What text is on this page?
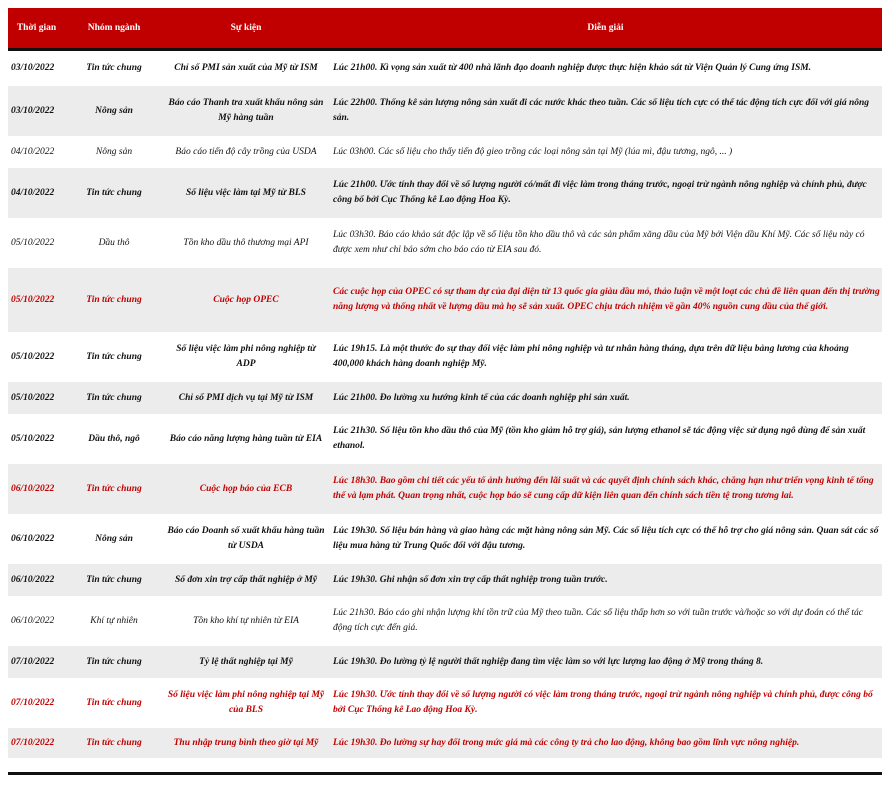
Thời gian	Nhóm ngành	Sự kiện	Diễn giải
03/10/2022	Tin tức chung	Chỉ số PMI sản xuất của Mỹ từ ISM	Lúc 21h00. Kì vọng sản xuất từ 400 nhà lãnh đạo doanh nghiệp được thực hiện khảo sát từ Viện Quản lý Cung ứng ISM.
03/10/2022	Nông sản	Báo cáo Thanh tra xuất khẩu nông sản Mỹ hàng tuần	Lúc 22h00. Thống kê sản lượng nông sản xuất đi các nước khác theo tuần. Các số liệu tích cực có thể tác động tích cực đối với giá nông sản.
04/10/2022	Nông sản	Báo cáo tiến độ cây trồng của USDA	Lúc 03h00. Các số liệu cho thấy tiến độ gieo trồng các loại nông sản tại Mỹ (lúa mì, đậu tương, ngô, ... )
04/10/2022	Tin tức chung	Số liệu việc làm tại Mỹ từ BLS	Lúc 21h00. Ước tính thay đổi về số lượng người có/mất đi việc làm trong tháng trước, ngoại trừ ngành nông nghiệp và chính phủ, được công bố bởi Cục Thống kê Lao động Hoa Kỳ.
05/10/2022	Dầu thô	Tồn kho dầu thô thương mại API	Lúc 03h30. Báo cáo khảo sát độc lập về số liệu tồn kho dầu thô và các sản phẩm xăng dầu của Mỹ bởi Viện dầu Khí Mỹ. Các số liệu này có được xem như chỉ báo sớm cho báo cáo từ EIA sau đó.
05/10/2022	Tin tức chung	Cuộc họp OPEC	Các cuộc họp của OPEC có sự tham dự của đại diện từ 13 quốc gia giàu dầu mỏ, thảo luận về một loạt các chủ đề liên quan đến thị trường năng lượng và thống nhất về lượng dầu mà họ sẽ sản xuất. OPEC chịu trách nhiệm về gần 40% nguồn cung dầu của thế giới.
05/10/2022	Tin tức chung	Số liệu việc làm phi nông nghiệp từ ADP	Lúc 19h15. Là một thước đo sự thay đổi việc làm phi nông nghiệp và tư nhân hàng tháng, dựa trên dữ liệu bảng lương của khoảng 400,000 khách hàng doanh nghiệp Mỹ.
05/10/2022	Tin tức chung	Chỉ số PMI dịch vụ tại Mỹ từ ISM	Lúc 21h00. Đo lường xu hướng kinh tế của các doanh nghiệp phi sản xuất.
05/10/2022	Dầu thô, ngô	Báo cáo năng lượng hàng tuần từ EIA	Lúc 21h30. Số liệu tồn kho dầu thô của Mỹ (tồn kho giảm hỗ trợ giá), sản lượng ethanol sẽ tác động việc sử dụng ngô dùng để sản xuất ethanol.
06/10/2022	Tin tức chung	Cuộc họp báo của ECB	Lúc 18h30. Bao gồm chi tiết các yếu tố ảnh hưởng đến lãi suất và các quyết định chính sách khác, chẳng hạn như triển vọng kinh tế tổng thể và lạm phát. Quan trọng nhất, cuộc họp báo sẽ cung cấp dữ kiện liên quan đến chính sách tiền tệ trong tương lai.
06/10/2022	Nông sản	Báo cáo Doanh số xuất khẩu hàng tuần từ USDA	Lúc 19h30. Số liệu bán hàng và giao hàng các mặt hàng nông sản Mỹ. Các số liệu tích cực có thể hỗ trợ cho giá nông sản. Quan sát các số liệu mua hàng từ Trung Quốc đối với đậu tương.
06/10/2022	Tin tức chung	Số đơn xin trợ cấp thất nghiệp ở Mỹ	Lúc 19h30. Ghi nhận số đơn xin trợ cấp thất nghiệp trong tuần trước.
06/10/2022	Khí tự nhiên	Tồn kho khí tự nhiên từ EIA	Lúc 21h30. Báo cáo ghi nhận lượng khí tồn trữ của Mỹ theo tuần. Các số liệu thấp hơn so với tuần trước và/hoặc so với dự đoán có thể tác động tích cực đến giá.
07/10/2022	Tin tức chung	Tỷ lệ thất nghiệp tại Mỹ	Lúc 19h30. Đo lường tỷ lệ người thất nghiệp đang tìm việc làm so với lực lượng lao động ở Mỹ trong tháng 8.
07/10/2022	Tin tức chung	Số liệu việc làm phi nông nghiệp tại Mỹ của BLS	Lúc 19h30. Ước tính thay đổi về số lượng người có việc làm trong tháng trước, ngoại trừ ngành nông nghiệp và chính phủ, được công bố bởi Cục Thống kê Lao động Hoa Kỳ.
07/10/2022	Tin tức chung	Thu nhập trung bình theo giờ tại Mỹ	Lúc 19h30. Đo lường sự hay đổi trong mức giá mà các công ty trả cho lao động, không bao gồm lĩnh vực nông nghiệp.
